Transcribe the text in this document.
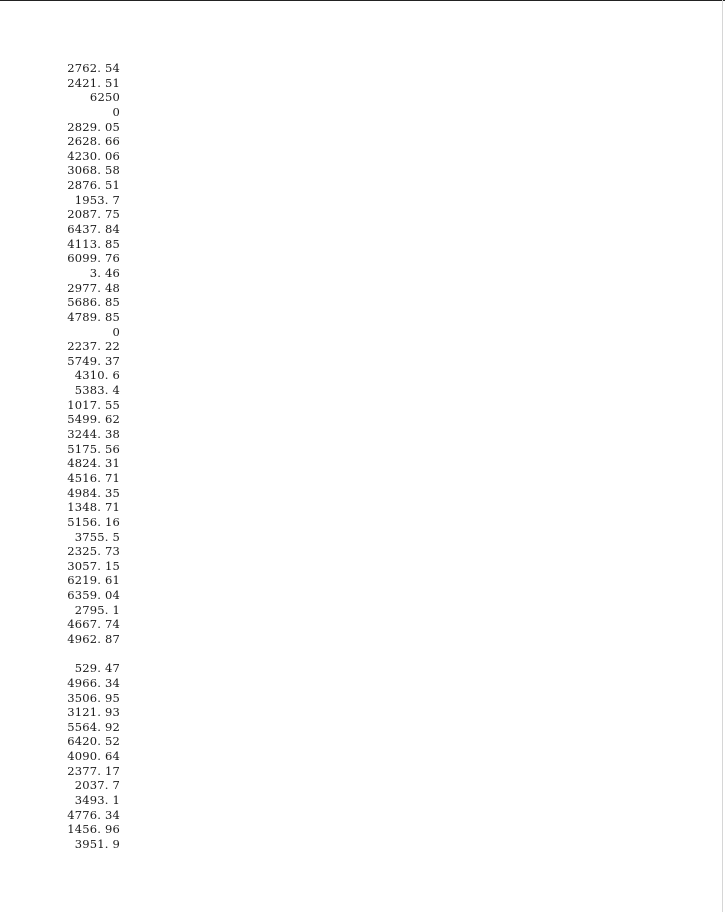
2762. 54
2421. 51
6250
0
2829. 05
2628. 66
4230. 06
3068. 58
2876. 51
1953. 7
2087. 75
6437. 84
4113. 85
6099. 76
3. 46
2977. 48
5686. 85
4789. 85
0
2237. 22
5749. 37
4310. 6
5383. 4
1017. 55
5499. 62
3244. 38
5175. 56
4824. 31
4516. 71
4984. 35
1348. 71
5156. 16
3755. 5
2325. 73
3057. 15
6219. 61
6359. 04
2795. 1
4667. 74
4962. 87
529. 47
4966. 34
3506. 95
3121. 93
5564. 92
6420. 52
4090. 64
2377. 17
2037. 7
3493. 1
4776. 34
1456. 96
3951. 9
